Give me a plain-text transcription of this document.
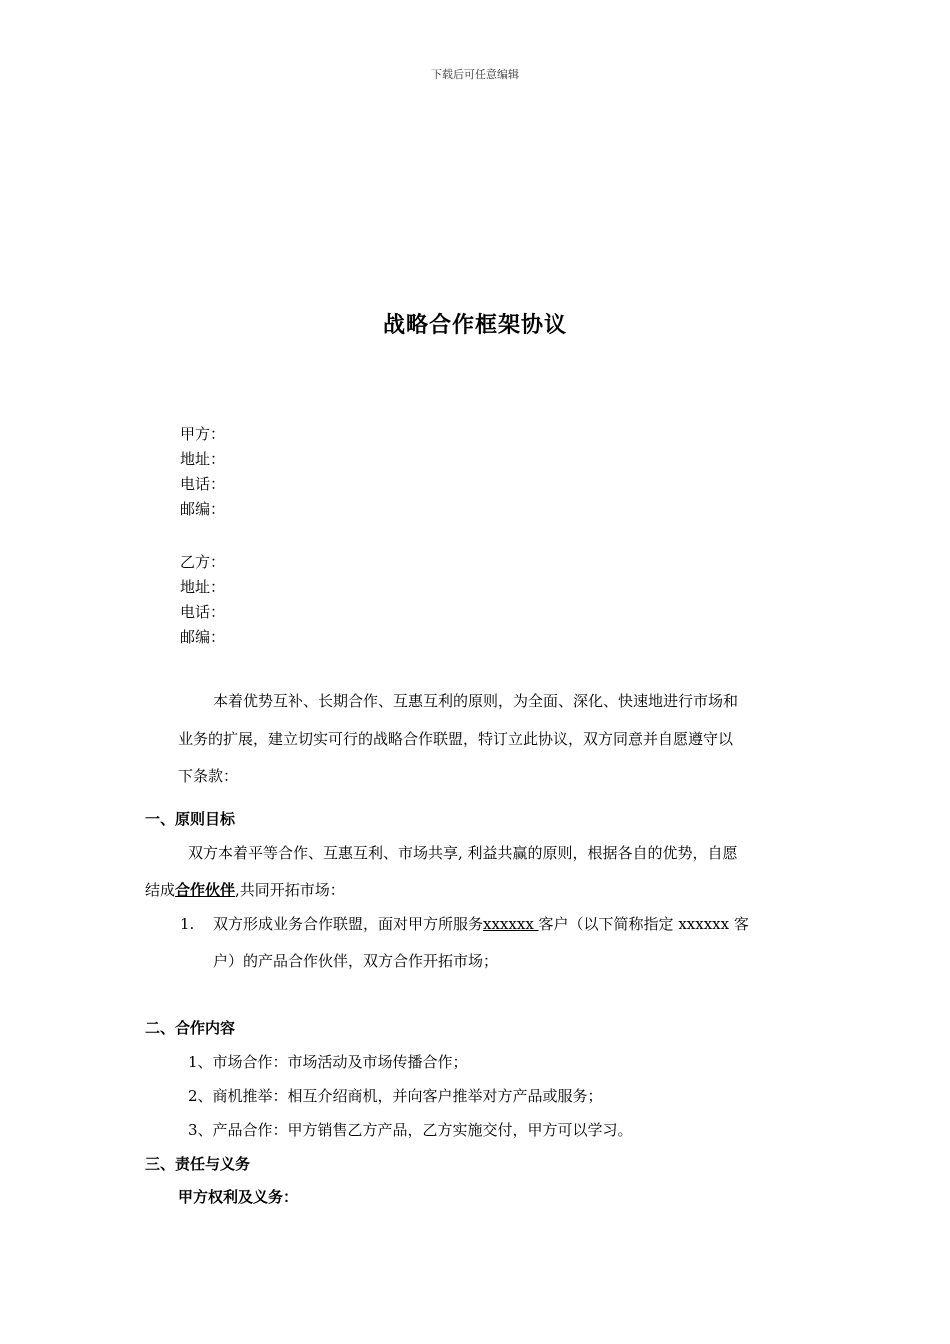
下载后可任意编辑
战略合作框架协议
甲方：
地址：
电话：
邮编：
乙方：
地址：
电话：
邮编：
本着优势互补、长期合作、互惠互利的原则，为全面、深化、快速地进行市场和
业务的扩展，建立切实可行的战略合作联盟，特订立此协议，双方同意并自愿遵守以
下条款：
一、原则目标
双方本着平等合作、互惠互利、市场共享, 利益共赢的原则，根据各自的优势，自愿
结成合作伙伴,共同开拓市场：
1. 双方形成业务合作联盟，面对甲方所服务xxxxxx 客户（以下简称指定 xxxxxx 客
户）的产品合作伙伴，双方合作开拓市场；
二、合作内容
1、市场合作：市场活动及市场传播合作；
2、商机推举：相互介绍商机，并向客户推举对方产品或服务；
3、产品合作：甲方销售乙方产品，乙方实施交付，甲方可以学习。
三、责任与义务
甲方权利及义务：
